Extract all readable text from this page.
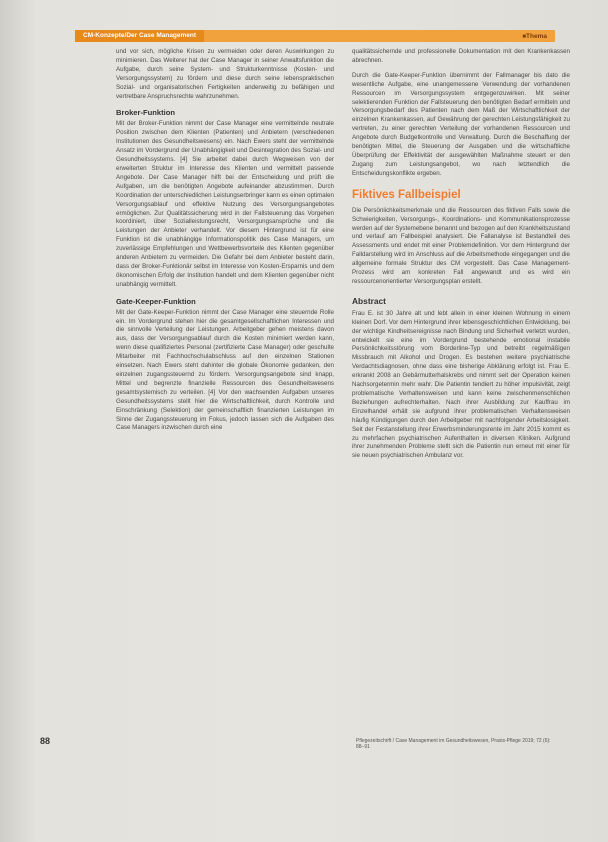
CM-Konzepte/Der Case Management
■	Thema

und vor sich, mögliche Krisen zu vermeiden oder deren Auswirkungen zu minimieren. Das Weiterer hat der Case Manager in seiner Anwaltsfunktion die Aufgabe, durch seine System- und Strukturkenntnisse (Kosten- und Versorgungssystem) zu fördern und diese durch seine lebenspraktischen Sozial- und organisatorischen Fertigkeiten anderweitig zu befähigen und vertretbare Anspruchsrechte wahrzunehmen.

Broker-Funktion

Mit der Broker-Funktion nimmt der Case Manager eine vermittelnde neutrale Position zwischen dem Klienten (Patienten) und Anbietern (verschiedenen Institutionen des Gesundheitswesens) ein. Nach Ewers steht der vermittelnde Ansatz im Vordergrund der Unabhängigkeit und Desintegration des Sozial- und Gesundheitssystems. [4] Sie arbeitet dabei durch Wegweisen von der erweiterten Struktur im Interesse des Klienten und vermittelt passende Angebote. Der Case Manager hilft bei der Entscheidung und prüft die Aufgaben, um die benötigten Angebote aufeinander abzustimmen. Durch Koordination der unterschiedlichen Leistungserbringer kann es einen optimalen Versorgungsablauf und effektive Nutzung des Versorgungsangebotes ermöglichen. Zur Qualitätssicherung wird in der Fallsteuerung das Vorgehen koordiniert, über Sozialleistungsrecht, Versorgungsansprüche und die Leistungen der Anbieter verhandelt. Vor diesem Hintergrund ist für eine Funktion ist die unabhängige Informationspolitik des Case Managers, um zuverlässige Empfehlungen und Wettbewerbsvorteile des Klienten gegenüber anderen Anbietern zu vermeiden. Die Gefahr bei dem Anbieter besteht darin, dass der Broker-Funktionär selbst im Interesse von Kosten-Ersparnis und dem ökonomischen Erfolg der Institution handelt und dem Klienten gegenüber nicht unabhängig vermittelt.

Gate-Keeper-Funktion

Mit der Gate-Keeper-Funktion nimmt der Case Manager eine steuernde Rolle ein. Im Vordergrund stehen hier die gesamtgesellschaftlichen Interessen und die sinnvolle Verteilung der Leistungen. Arbeitgeber gehen meistens davon aus, dass der Versorgungsablauf durch die Kosten minimiert werden kann, wenn diese qualifiziertes Personal (zertifizierte Case Manager) oder geschulte Mitarbeiter mit Fachhochschulabschluss auf den einzelnen Stationen einsetzen. Nach Ewers steht dahinter die globale Ökonomie gedanken, den einzelnen zugangssteuernd zu fördern. Versorgungsangebote sind knapp, Mittel und begrenzte finanzielle Ressourcen des Gesundheitswesens gesamtsystemisch zu verteilen. [4] Vor den wachsenden Aufgaben unseres Gesundheitssystems stellt hier die Wirtschaftlichkeit, durch Kontrolle und Einschränkung (Selektion) der gemeinschaftlich finanzierten Leistungen im Sinne der Zugangssteuerung im Fokus, jedoch lassen sich die Aufgaben des Case Managers inzwischen durch eine

qualitätssichernde und professionelle Dokumentation mit den Krankenkassen abrechnen.

Durch die Gate-Keeper-Funktion übernimmt der Fallmanager bis dato die wesentliche Aufgabe, eine unangemessene Verwendung der vorhandenen Ressourcen im Versorgungssystem entgegenzuwirken. Mit seiner selektierenden Funktion der Fallsteuerung den benötigten Bedarf ermitteln und Versorgungsbedarf des Patienten nach dem Maß der Wirtschaftlichkeit der einzelnen Krankenkassen, auf Gewährung der gerechten Leistungsfähigkeit zu vertreten, zu einer gerechten Verteilung der vorhandenen Ressourcen und Angebote durch Budgetkontrolle und Verwaltung. Durch die Beschaffung der benötigten Mittel, die Steuerung der Ausgaben und die wirtschaftliche Überprüfung der Effektivität der ausgewählten Maßnahme steuert er den Zugang zum Leistungsangebot, wo nach letztendlich die Entscheidungskonflikte ergeben.

Fiktives Fallbeispiel

Die Persönlichkeitsmerkmale und die Ressourcen des fiktiven Falls sowie die Schwierigkeiten, Versorgungs-, Koordinations- und Kommunikationsprozesse werden auf der Systemebene benannt und bezogen auf den Krankheitszustand und verlauf am Fallbeispiel analysiert. Die Fallanalyse ist Bestandteil des Assessments und endet mit einer Problemdefinition. Vor dem Hintergrund der Falldarstellung wird im Anschluss auf die Arbeitsmethode eingegangen und die allgemeine formale Struktur des CM vorgestellt. Das Case Management-Prozess wird am konkreten Fall angewandt und es wird ein ressourcenorientierter Versorgungsplan erstellt.

Abstract

Frau E. ist 30 Jahre alt und lebt allein in einer kleinen Wohnung in einem kleinen Dorf. Vor dem Hintergrund ihrer lebensgeschichtlichen Entwicklung, bei der wichtige Kindheitsereignisse nach Bindung und Sicherheit verletzt wurden, entwickelt sie eine im Vordergrund bestehende emotional instabile Persönlichkeitsstörung vom Borderline-Typ und betreibt regelmäßigen Missbrauch mit Alkohol und Drogen. Es bestehen weitere psychiatrische Verdachtsdiagnosen, ohne dass eine bisherige Abklärung erfolgt ist. Frau E. erkrankt 2008 an Gebärmutterhalskrebs und nimmt seit der Operation keinen Nachsorgetermin mehr wahr. Die Patientin tendiert zu höher impulsivität, zeigt problematische Verhaltensweisen und kann keine zwischenmenschlichen Beziehungen aufrechterhalten. Nach ihrer Ausbildung zur Kauffrau im Einzelhandel erhält sie aufgrund ihrer problematischen Verhaltensweisen häufig Kündigungen durch den Arbeitgeber mit nachfolgender Arbeitslosigkeit. Seit der Festanstellung ihrer Erwerbsminderungsrente im Jahr 2015 kommt es zu mehrfachen psychiatrischen Aufenthalten in diversen Kliniken. Aufgrund ihrer zunehmenden Probleme stellt sich die Patientin nun erneut mit einer für sie neuen psychiatrischen Ambulanz vor.

88	Pflegezeitschrift / Case Management im Gesundheitswesen, Praxis-Pflege 2019; 72 (6): 88–91
